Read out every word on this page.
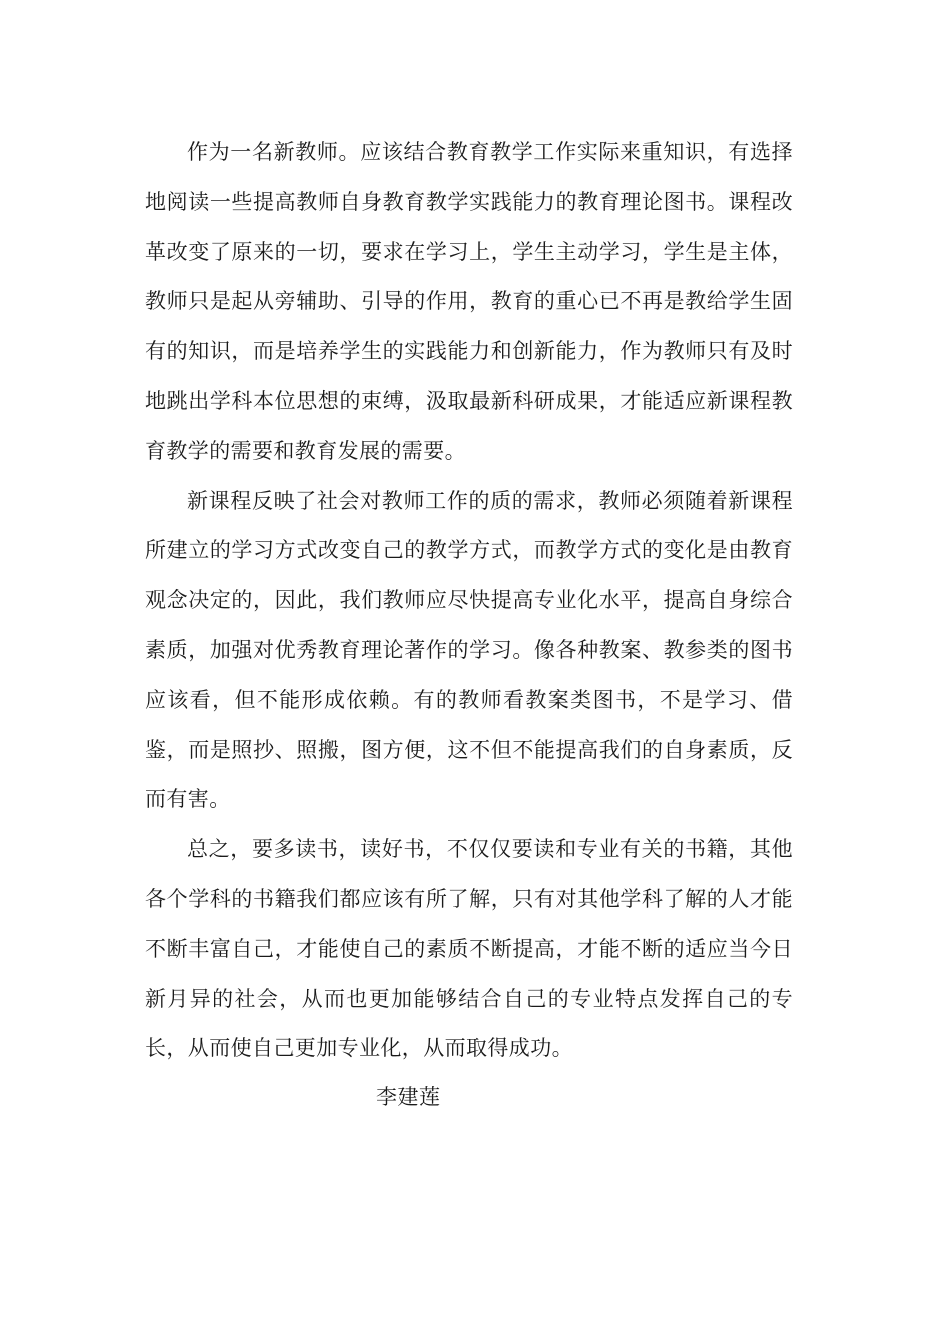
作为一名新教师。应该结合教育教学工作实际来重知识，有选择地阅读一些提高教师自身教育教学实践能力的教育理论图书。课程改革改变了原来的一切，要求在学习上，学生主动学习，学生是主体，教师只是起从旁辅助、引导的作用，教育的重心已不再是教给学生固有的知识，而是培养学生的实践能力和创新能力，作为教师只有及时地跳出学科本位思想的束缚，汲取最新科研成果，才能适应新课程教育教学的需要和教育发展的需要。

新课程反映了社会对教师工作的质的需求，教师必须随着新课程所建立的学习方式改变自己的教学方式，而教学方式的变化是由教育观念决定的，因此，我们教师应尽快提高专业化水平，提高自身综合素质，加强对优秀教育理论著作的学习。像各种教案、教参类的图书应该看，但不能形成依赖。有的教师看教案类图书，不是学习、借鉴，而是照抄、照搬，图方便，这不但不能提高我们的自身素质，反而有害。

总之，要多读书，读好书，不仅仅要读和专业有关的书籍，其他各个学科的书籍我们都应该有所了解，只有对其他学科了解的人才能不断丰富自己，才能使自己的素质不断提高，才能不断的适应当今日新月异的社会，从而也更加能够结合自己的专业特点发挥自己的专长，从而使自己更加专业化，从而取得成功。

李建莲
